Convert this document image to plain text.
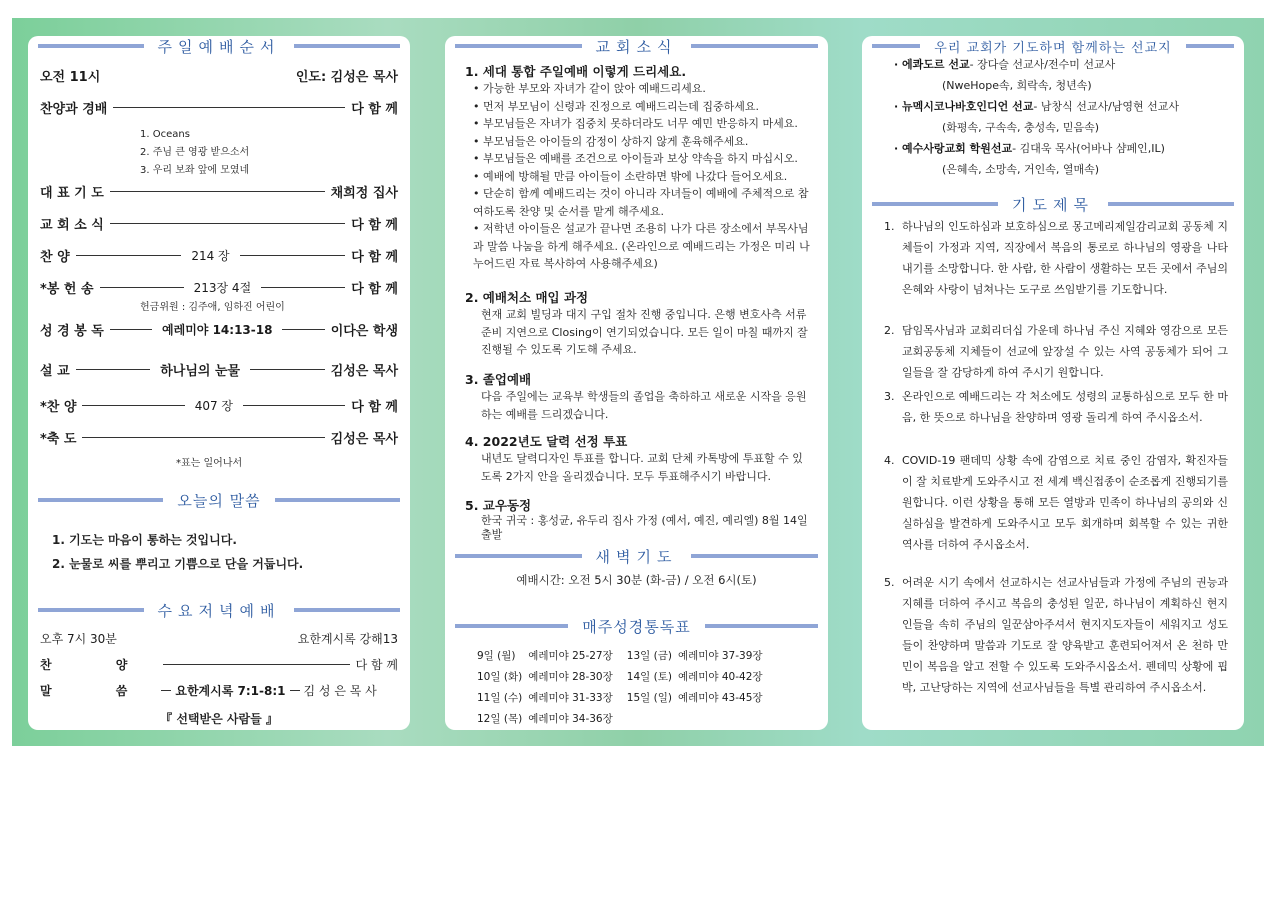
주일예배순서
오전 11시	인도: 김성은 목사
찬양과 경배	다 함 께
1. Oceans
2. 주님 큰 영광 받으소서
3. 우리 보좌 앞에 모였네
대 표 기 도	채희정 집사
교 회 소 식	다 함 께
찬 양	214 장	다 함 께
*봉 헌 송	213장 4절	다 함 께
헌금위원 : 김주애, 임하진 어린이
성 경 봉 독	예레미야 14:13-18	이다은 학생
설 교	하나님의 눈물	김성은 목사
*찬 양	407 장	다 함 께
*축 도	김성은 목사
*표는 일어나서
오늘의 말씀
1. 기도는 마음이 통하는 것입니다.
2. 눈물로 씨를 뿌리고 기쁨으로 단을 거둡니다.
수요저녁예배
오후 7시 30분	요한계시록 강해13
찬 양	다 함 께
말 씀 요한계시록 7:1-8:1 김 성 은 목 사
『 선택받은 사람들 』
교회소식
1. 세대 통합 주일예배 이렇게 드리세요.
• 가능한 부모와 자녀가 같이 앉아 예배드리세요.
• 먼저 부모님이 신령과 진정으로 예배드리는데 집중하세요.
• 부모님들은 자녀가 집중치 못하더라도 너무 예민 반응하지 마세요.
• 부모님들은 아이들의 감정이 상하지 않게 훈육해주세요.
• 부모님들은 예배를 조건으로 아이들과 보상 약속을 하지 마십시오.
• 예배에 방해될 만큼 아이들이 소란하면 밖에 나갔다 들어오세요.
• 단순히 함께 예배드리는 것이 아니라 자녀들이 예배에 주체적으로 참여하도록 찬양 및 순서를 맡게 해주세요.
• 저학년 아이들은 설교가 끝나면 조용히 나가 다른 장소에서 부목사님과 말씀 나눔을 하게 해주세요. (온라인으로 예배드리는 가정은 미리 나누어드린 자료 복사하여 사용해주세요)
2. 예배처소 매입 과정
현재 교회 빌딩과 대지 구입 절차 진행 중입니다. 은행 변호사측 서류준비 지연으로 Closing이 연기되었습니다. 모든 일이 마칠 때까지 잘 진행될 수 있도록 기도해 주세요.
3. 졸업예배
다음 주일에는 교육부 학생들의 졸업을 축하하고 새로운 시작을 응원하는 예배를 드리겠습니다.
4. 2022년도 달력 선정 투표
내년도 달력디자인 투표를 합니다. 교회 단체 카톡방에 투표할 수 있도록 2가지 안을 올리겠습니다. 모두 투표해주시기 바랍니다.
5. 교우동정
한국 귀국 : 홍성균, 유두리 집사 가정 (예서, 예진, 예리엘) 8월 14일 출발
새벽기도
예배시간: 오전 5시 30분 (화-금) / 오전 6시(토)
매주성경통독표
9일 (월)	예레미야 25-27장	13일 (금)	예레미야 37-39장
10일 (화)	예레미야 28-30장	14일 (토)	예레미야 40-42장
11일 (수)	예레미야 31-33장	15일 (일)	예레미야 43-45장
12일 (목)	예레미야 34-36장		
우리 교회가 기도하며 함께하는 선교지
· 에콰도르 선교- 장다슬 선교사/전수미 선교사
(NweHope속, 희락속, 청년속)
· 뉴멕시코나바호인디언 선교- 남창식 선교사/남영현 선교사
(화평속, 구속속, 충성속, 믿음속)
· 예수사랑교회 학원선교- 김대욱 목사(어바나 샴페인,IL)
(은혜속, 소망속, 거인속, 열매속)
기도제목
1. 하나님의 인도하심과 보호하심으로 몽고메리제일감리교회 공동체 지체들이 가정과 지역, 직장에서 복음의 통로로 하나님의 영광을 나타내기를 소망합니다. 한 사람, 한 사람이 생활하는 모든 곳에서 주님의 은혜와 사랑이 넘쳐나는 도구로 쓰임받기를 기도합니다.
2. 담임목사님과 교회리더십 가운데 하나님 주신 지혜와 영감으로 모든 교회공동체 지체들이 선교에 앞장설 수 있는 사역 공동체가 되어 그 일들을 잘 감당하게 하여 주시기 원합니다.
3. 온라인으로 예배드리는 각 처소에도 성령의 교통하심으로 모두 한 마음, 한 뜻으로 하나님을 찬양하며 영광 돌리게 하여 주시옵소서.
4. COVID-19 팬데믹 상황 속에 감염으로 치료 중인 감염자, 확진자들이 잘 치료받게 도와주시고 전 세계 백신접종이 순조롭게 진행되기를 원합니다. 이런 상황을 통해 모든 열방과 민족이 하나님의 공의와 신실하심을 발견하게 도와주시고 모두 회개하며 회복할 수 있는 귀한 역사를 더하여 주시옵소서.
5. 어려운 시기 속에서 선교하시는 선교사님들과 가정에 주님의 권능과 지혜를 더하여 주시고 복음의 충성된 일꾼, 하나님이 계획하신 현지인들을 속히 주님의 일꾼삼아주셔서 현지지도자들이 세워지고 성도들이 찬양하며 말씀과 기도로 잘 양육받고 훈련되어져서 온 천하 만민이 복음을 알고 전할 수 있도록 도와주시옵소서. 펜데믹 상황에 핍박, 고난당하는 지역에 선교사님들을 특별 관리하여 주시옵소서.
